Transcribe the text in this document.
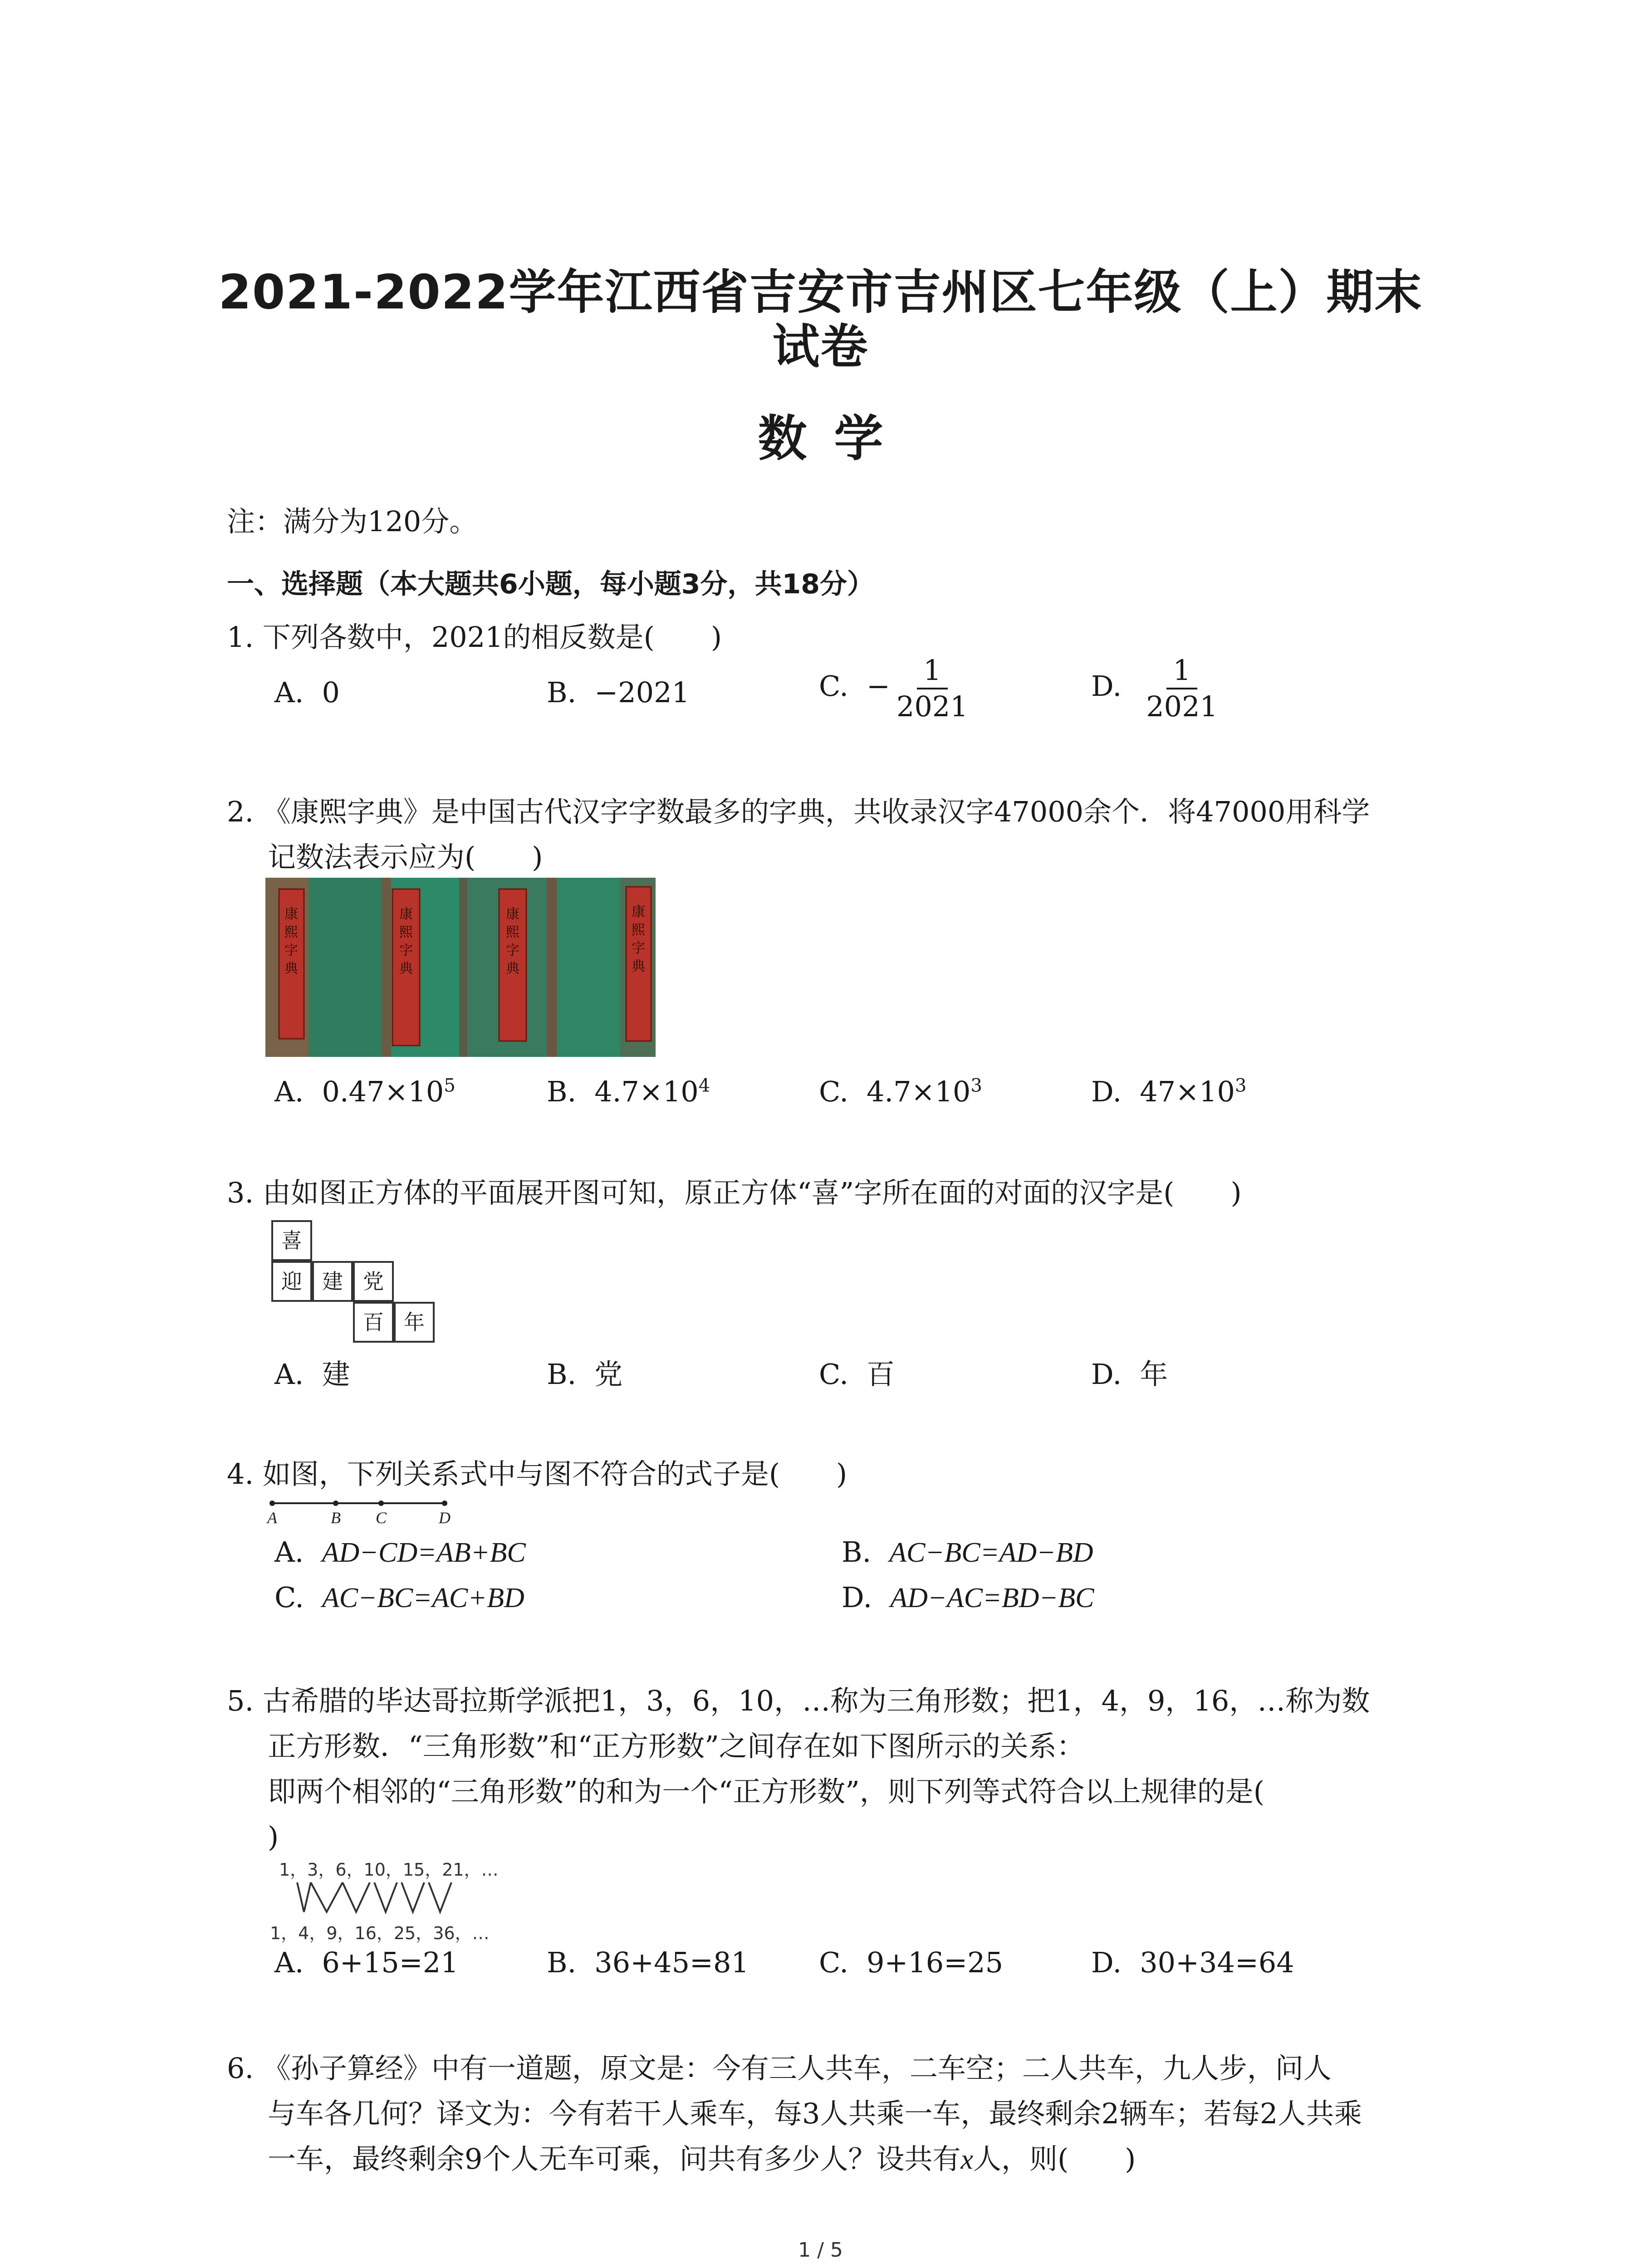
2021-2022学年江西省吉安市吉州区七年级（上）期末
试卷
数学
注：满分为120分。
一、选择题（本大题共6小题，每小题3分，共18分）
1. 下列各数中，2021的相反数是(　　)
A. 0	B. −2021	C. − $\frac{1}{2021}$	D. $\frac{1}{2021}$
2. 《康熙字典》是中国古代汉字字数最多的字典，共收录汉字47000余个．将47000用科学
记数法表示应为(　　)
康
熙
字
典
康
熙
字
典
康
熙
字
典
康
熙
字
典
A. $0.47\times 10^5$	B. $4.7\times 10^4$	C. $4.7\times 10^3$	D. $47\times 10^3$
3. 由如图正方体的平面展开图可知，原正方体“喜”字所在面的对面的汉字是(　　)
喜
迎 建 党
百 年
A. 建	B. 党	C. 百	D. 年
4. 如图，下列关系式中与图不符合的式子是(　　)
A	B C	D
A. AD−CD=AB+BC	B. AC−BC=AD−BD
C. AC−BC=AC+BD	D. AD−AC=BD−BC
5. 古希腊的毕达哥拉斯学派把1，3，6，10，…称为三角形数；把1，4，9，16，…称为数
正方形数．“三角形数”和“正方形数”之间存在如下图所示的关系：
即两个相邻的“三角形数”的和为一个“正方形数”，则下列等式符合以上规律的是(
)
1，3，6，10，15，21，…
1，4，9，16，25，36，…
A. 6+15=21	B. 36+45=81 C. 9+16=25	D. 30+34=64
6. 《孙子算经》中有一道题，原文是：今有三人共车，二车空；二人共车，九人步，问人
与车各几何？译文为：今有若干人乘车，每3人共乘一车，最终剩余2辆车；若每2人共乘
一车，最终剩余9个人无车可乘，问共有多少人？设共有x人，则(　　)
1 / 5
